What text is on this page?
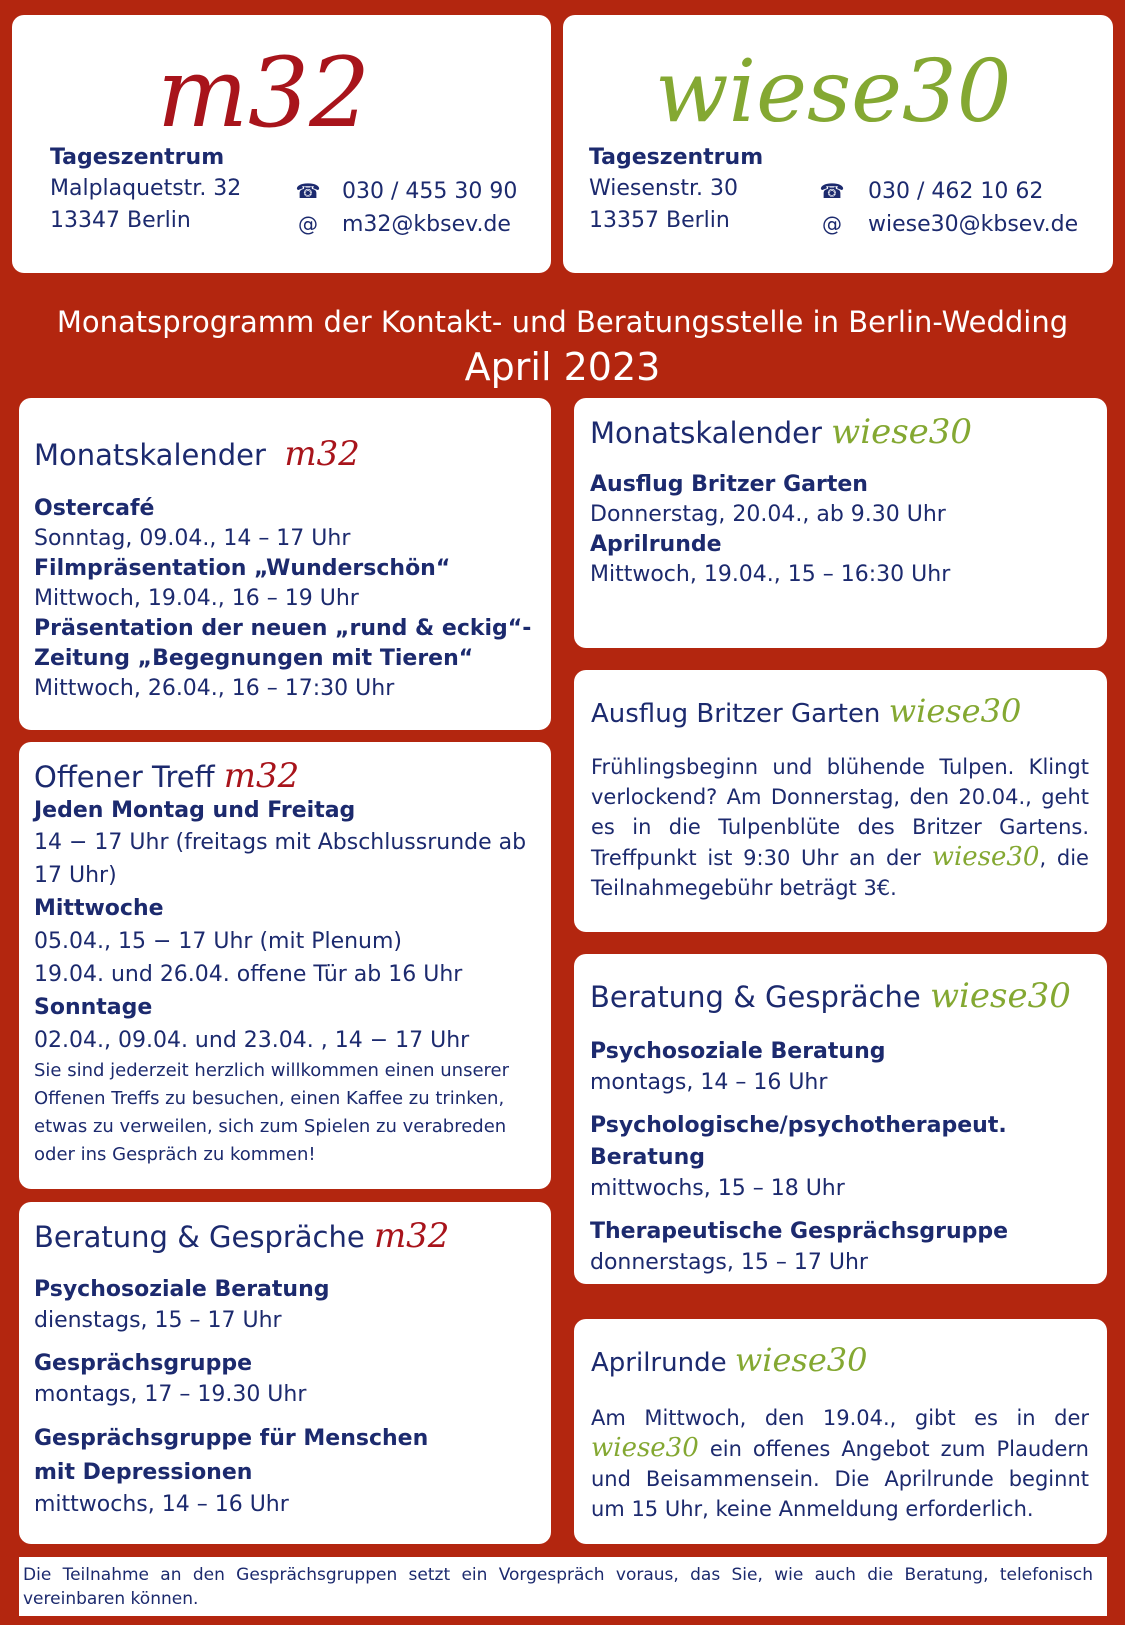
m32
Tageszentrum
Malplaquetstr. 32
13347 Berlin
☎ 030 / 455 30 90
@ m32@kbsev.de
wiese30
Tageszentrum
Wiesenstr. 30
13357 Berlin
☎ 030 / 462 10 62
@ wiese30@kbsev.de
Monatsprogramm der Kontakt- und Beratungsstelle in Berlin-Wedding
April 2023
Monatskalender m32
Ostercafé
Sonntag, 09.04., 14 – 17 Uhr
Filmpräsentation „Wunderschön“
Mittwoch, 19.04., 16 – 19 Uhr
Präsentation der neuen „rund & eckig“-Zeitung „Begegnungen mit Tieren“
Mittwoch, 26.04., 16 – 17:30 Uhr
Offener Treff m32
Jeden Montag und Freitag
14 − 17 Uhr (freitags mit Abschlussrunde ab 17 Uhr)
Mittwoche
05.04., 15 − 17 Uhr (mit Plenum)
19.04. und 26.04. offene Tür ab 16 Uhr
Sonntage
02.04., 09.04. und 23.04. , 14 − 17 Uhr
Sie sind jederzeit herzlich willkommen einen unserer Offenen Treffs zu besuchen, einen Kaffee zu trinken, etwas zu verweilen, sich zum Spielen zu verabreden oder ins Gespräch zu kommen!
Beratung & Gespräche m32
Psychosoziale Beratung
dienstags, 15 – 17 Uhr
Gesprächsgruppe
montags, 17 – 19.30 Uhr
Gesprächsgruppe für Menschen mit Depressionen
mittwochs, 14 – 16 Uhr
Monatskalender wiese30
Ausflug Britzer Garten
Donnerstag, 20.04., ab 9.30 Uhr
Aprilrunde
Mittwoch, 19.04., 15 – 16:30 Uhr
Ausflug Britzer Garten wiese30
Frühlingsbeginn und blühende Tulpen. Klingt verlockend? Am Donnerstag, den 20.04., geht es in die Tulpenblüte des Britzer Gartens. Treffpunkt ist 9:30 Uhr an der wiese30, die Teilnahmegebühr beträgt 3€.
Beratung & Gespräche wiese30
Psychosoziale Beratung
montags, 14 – 16 Uhr
Psychologische/psychotherapeut. Beratung
mittwochs, 15 – 18 Uhr
Therapeutische Gesprächsgruppe
donnerstags, 15 – 17 Uhr
Aprilrunde wiese30
Am Mittwoch, den 19.04., gibt es in der wiese30 ein offenes Angebot zum Plaudern und Beisammensein. Die Aprilrunde beginnt um 15 Uhr, keine Anmeldung erforderlich.
Die Teilnahme an den Gesprächsgruppen setzt ein Vorgespräch voraus, das Sie, wie auch die Beratung, telefonisch vereinbaren können.
